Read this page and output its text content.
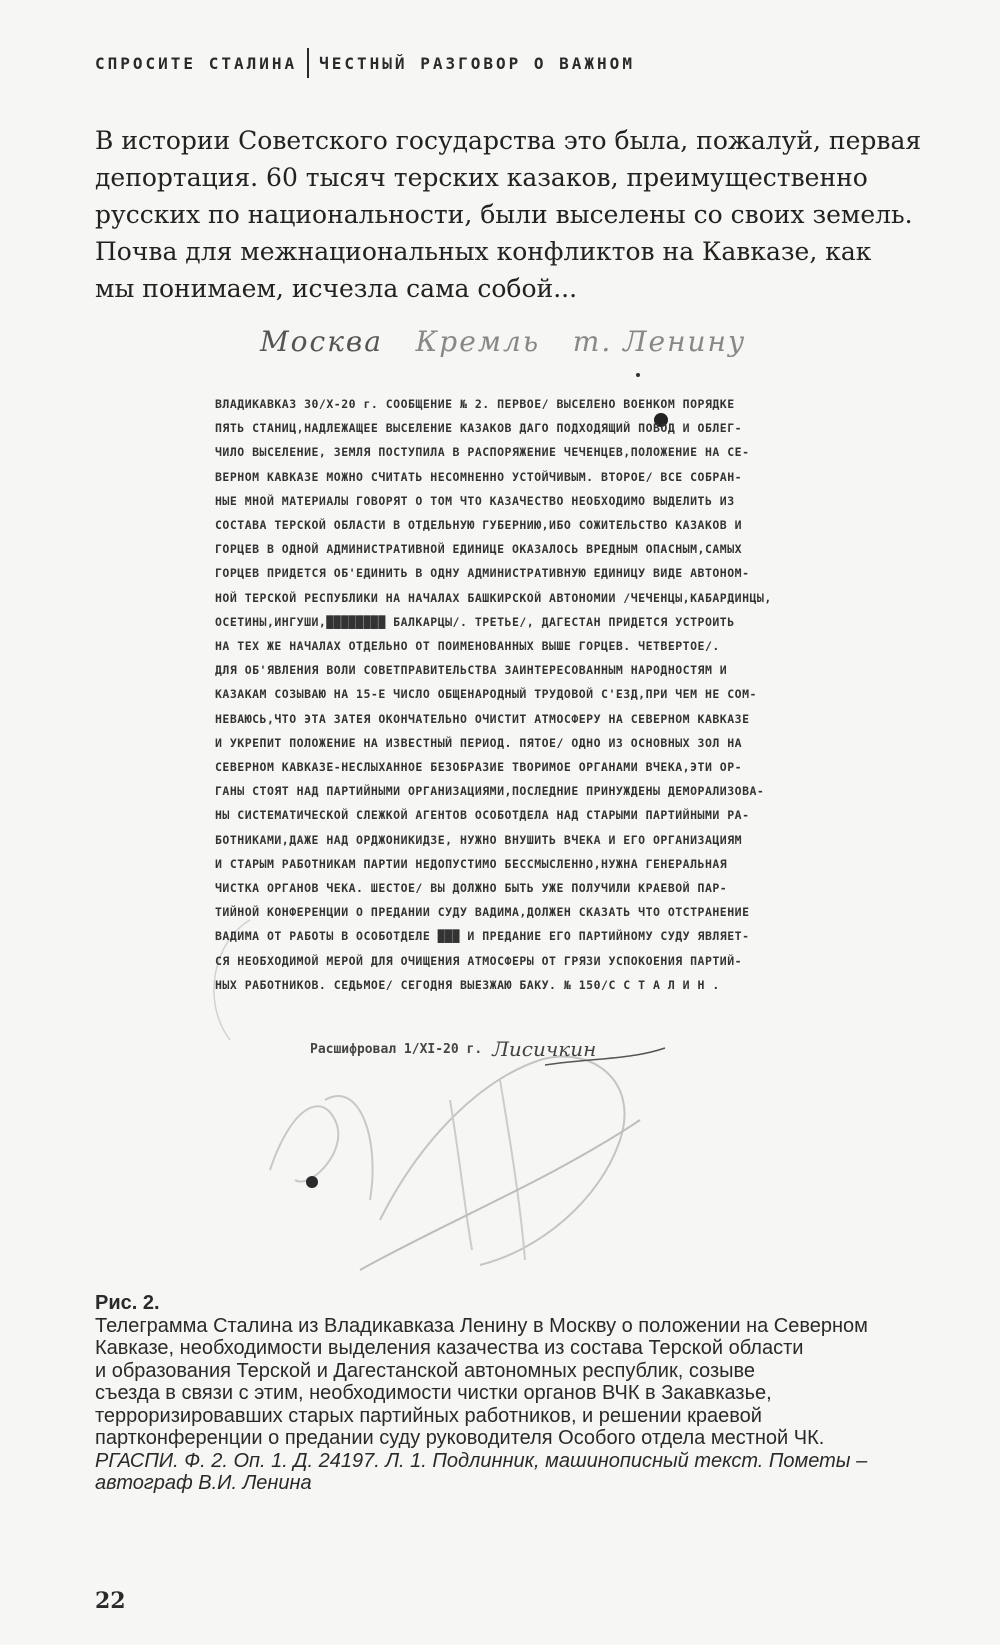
СПРОСИТЕ СТАЛИНА ЧЕСТНЫЙ РАЗГОВОР О ВАЖНОМ

В истории Советского государства это была, пожалуй, первая

депортация. 60 тысяч терских казаков, преимущественно

русских по национальности, были выселены со своих земель.

Почва для межнациональных конфликтов на Кавказе, как

мы понимаем, исчезла сама собой...

Москва Кремль т. Ленину
ВЛАДИКАВКАЗ 30/Х-20 г. СООБЩЕНИЕ № 2. ПЕРВОЕ/ ВЫСЕЛЕНО ВОЕНКОМ ПОРЯДКЕ
ПЯТЬ СТАНИЦ,НАДЛЕЖАЩЕЕ ВЫСЕЛЕНИЕ КАЗАКОВ ДАГО ПОДХОДЯЩИЙ ПОВОД И ОБЛЕГ-
ЧИЛО ВЫСЕЛЕНИЕ, ЗЕМЛЯ ПОСТУПИЛА В РАСПОРЯЖЕНИЕ ЧЕЧЕНЦЕВ,ПОЛОЖЕНИЕ НА СЕ-
ВЕРНОМ КАВКАЗЕ МОЖНО СЧИТАТЬ НЕСОМНЕННО УСТОЙЧИВЫМ. ВТОРОЕ/ ВСЕ СОБРАН-
НЫЕ МНОЙ МАТЕРИАЛЫ ГОВОРЯТ О ТОМ ЧТО КАЗАЧЕСТВО НЕОБХОДИМО ВЫДЕЛИТЬ ИЗ
СОСТАВА ТЕРСКОЙ ОБЛАСТИ В ОТДЕЛЬНУЮ ГУБЕРНИЮ,ИБО СОЖИТЕЛЬСТВО КАЗАКОВ И
ГОРЦЕВ В ОДНОЙ АДМИНИСТРАТИВНОЙ ЕДИНИЦЕ ОКАЗАЛОСЬ ВРЕДНЫМ ОПАСНЫМ,САМЫХ
ГОРЦЕВ ПРИДЕТСЯ ОБ'ЕДИНИТЬ В ОДНУ АДМИНИСТРАТИВНУЮ ЕДИНИЦУ ВИДЕ АВТОНОМ-
НОЙ ТЕРСКОЙ РЕСПУБЛИКИ НА НАЧАЛАХ БАШКИРСКОЙ АВТОНОМИИ /ЧЕЧЕНЦЫ,КАБАРДИНЦЫ,
ОСЕТИНЫ,ИНГУШИ,████████ БАЛКАРЦЫ/. ТРЕТЬЕ/, ДАГЕСТАН ПРИДЕТСЯ УСТРОИТЬ
НА ТЕХ ЖЕ НАЧАЛАХ ОТДЕЛЬНО ОТ ПОИМЕНОВАННЫХ ВЫШЕ ГОРЦЕВ. ЧЕТВЕРТОЕ/.
ДЛЯ ОБ'ЯВЛЕНИЯ ВОЛИ СОВЕТПРАВИТЕЛЬСТВА ЗАИНТЕРЕСОВАННЫМ НАРОДНОСТЯМ И
КАЗАКАМ СОЗЫВАЮ НА 15-Е ЧИСЛО ОБЩЕНАРОДНЫЙ ТРУДОВОЙ С'ЕЗД,ПРИ ЧЕМ НЕ СОМ-
НЕВАЮСЬ,ЧТО ЭТА ЗАТЕЯ ОКОНЧАТЕЛЬНО ОЧИСТИТ АТМОСФЕРУ НА СЕВЕРНОМ КАВКАЗЕ
И УКРЕПИТ ПОЛОЖЕНИЕ НА ИЗВЕСТНЫЙ ПЕРИОД. ПЯТОЕ/ ОДНО ИЗ ОСНОВНЫХ ЗОЛ НА
СЕВЕРНОМ КАВКАЗЕ-НЕСЛЫХАННОЕ БЕЗОБРАЗИЕ ТВОРИМОЕ ОРГАНАМИ ВЧЕКА,ЭТИ ОР-
ГАНЫ СТОЯТ НАД ПАРТИЙНЫМИ ОРГАНИЗАЦИЯМИ,ПОСЛЕДНИЕ ПРИНУЖДЕНЫ ДЕМОРАЛИЗОВА-
НЫ СИСТЕМАТИЧЕСКОЙ СЛЕЖКОЙ АГЕНТОВ ОСОБОТДЕЛА НАД СТАРЫМИ ПАРТИЙНЫМИ РА-
БОТНИКАМИ,ДАЖЕ НАД ОРДЖОНИКИДЗЕ, НУЖНО ВНУШИТЬ ВЧЕКА И ЕГО ОРГАНИЗАЦИЯМ
И СТАРЫМ РАБОТНИКАМ ПАРТИИ НЕДОПУСТИМО БЕССМЫСЛЕННО,НУЖНА ГЕНЕРАЛЬНАЯ
ЧИСТКА ОРГАНОВ ЧЕКА. ШЕСТОЕ/ ВЫ ДОЛЖНО БЫТЬ УЖЕ ПОЛУЧИЛИ КРАЕВОЙ ПАР-
ТИЙНОЙ КОНФЕРЕНЦИИ О ПРЕДАНИИ СУДУ ВАДИМА,ДОЛЖЕН СКАЗАТЬ ЧТО ОТСТРАНЕНИЕ
ВАДИМА ОТ РАБОТЫ В ОСОБОТДЕЛЕ ███ И ПРЕДАНИЕ ЕГО ПАРТИЙНОМУ СУДУ ЯВЛЯЕТ-
СЯ НЕОБХОДИМОЙ МЕРОЙ ДЛЯ ОЧИЩЕНИЯ АТМОСФЕРЫ ОТ ГРЯЗИ УСПОКОЕНИЯ ПАРТИЙ-
НЫХ РАБОТНИКОВ. СЕДЬМОЕ/ СЕГОДНЯ ВЫЕЗЖАЮ БАКУ. № 150/С С Т А Л И Н .
Расшифровал 1/ХI-20 г. Лисичкин
Рис. 2.
Телеграмма Сталина из Владикавказа Ленину в Москву о положении на Северном
Кавказе, необходимости выделения казачества из состава Терской области
и образования Терской и Дагестанской автономных республик, созыве
съезда в связи с этим, необходимости чистки органов ВЧК в Закавказье,
терроризировавших старых партийных работников, и решении краевой
партконференции о предании суду руководителя Особого отдела местной ЧК.
РГАСПИ. Ф. 2. Оп. 1. Д. 24197. Л. 1. Подлинник, машинописный текст. Пометы – автограф В.И. Ленина
22
